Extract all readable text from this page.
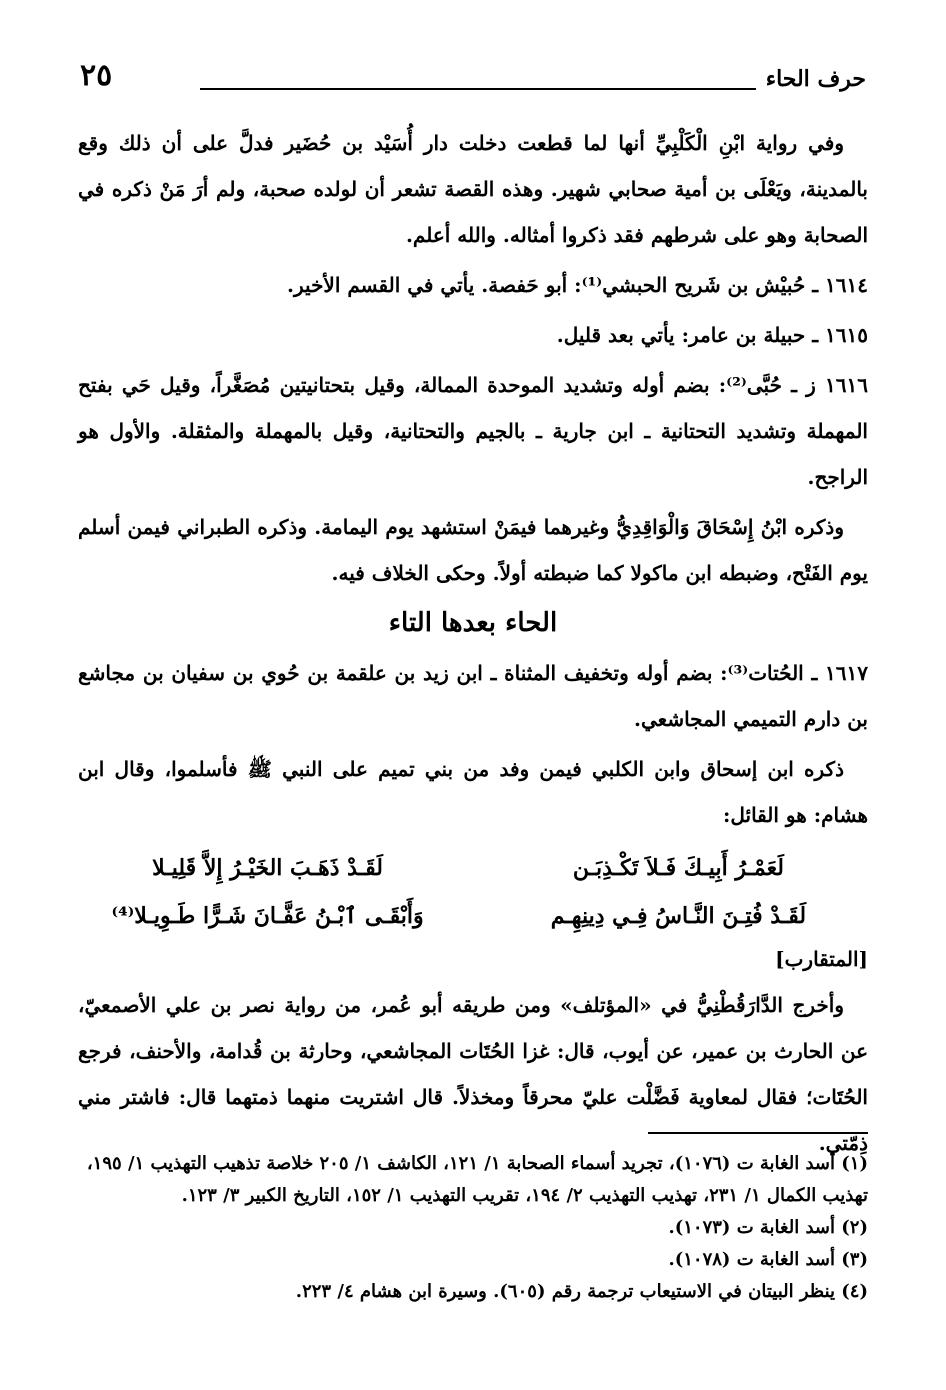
حرف الحاء
٢٥

وفي رواية ابْنِ الْكَلْبِيِّ أنها لما قطعت دخلت دار أُسَيْد بن حُضَير فدلَّ على أن ذلك وقع بالمدينة، ويَعْلَى بن أمية صحابي شهير. وهذه القصة تشعر أن لولده صحبة، ولم أرَ مَنْ ذكره في الصحابة وهو على شرطهم فقد ذكروا أمثاله. والله أعلم.

١٦١٤ ـ حُبيْش بن شَريح الحبشي⁽¹⁾: أبو حَفصة. يأتي في القسم الأخير.

١٦١٥ ـ حبيلة بن عامر: يأتي بعد قليل.

١٦١٦ ز ـ حُبَّى⁽²⁾: بضم أوله وتشديد الموحدة الممالة، وقيل بتحتانيتين مُصَغَّراً، وقيل حَي بفتح المهملة وتشديد التحتانية ـ ابن جارية ـ بالجيم والتحتانية، وقيل بالمهملة والمثقلة. والأول هو الراجح.

وذكره ابْنُ إِسْحَاقَ وَالْوَاقِدِيُّ وغيرهما فيمَنْ استشهد يوم اليمامة. وذكره الطبراني فيمن أسلم يوم الفَتْح، وضبطه ابن ماكولا كما ضبطته أولاً. وحكى الخلاف فيه.

الحاء بعدها التاء

١٦١٧ ـ الحُتات⁽³⁾: بضم أوله وتخفيف المثناة ـ ابن زيد بن علقمة بن حُوي بن سفيان بن مجاشع بن دارم التميمي المجاشعي.

ذكره ابن إسحاق وابن الكلبي فيمن وفد من بني تميم على النبي ﷺ فأسلموا، وقال ابن هشام: هو القائل:

لَعَمْـرُ أَبِيـكَ فَـلاَ تَكْـذِبَـن
لَقَـدْ ذَهَـبَ الخَيْـرُ إِلاَّ قَلِيـلا
لَقَـدْ فُتِـنَ النَّـاسُ فِـي دِينِهِـم
وَأَبْقَـى ٱبْـنُ عَفَّـانَ شَـرًّا طَـوِيـلا⁽⁴⁾
[المتقارب]

وأخرج الدَّارَقُطْنِيُّ في «المؤتلف» ومن طريقه أبو عُمر، من رواية نصر بن علي الأصمعيّ، عن الحارث بن عمير، عن أيوب، قال: غزا الحُتَات المجاشعي، وحارثة بن قُدامة، والأحنف، فرجع الحُتَات؛ فقال لمعاوية فَضَّلْت عليّ محرقاً ومخذلاً. قال اشتريت منهما ذمتهما قال: فاشتر مني ذِمّتي.

(١) أسد الغابة ت (١٠٧٦)، تجريد أسماء الصحابة ١/ ١٢١، الكاشف ١/ ٢٠٥ خلاصة تذهيب التهذيب ١/ ١٩٥، تهذيب الكمال ١/ ٢٣١، تهذيب التهذيب ٢/ ١٩٤، تقريب التهذيب ١/ ١٥٢، التاريخ الكبير ٣/ ١٢٣.

(٢) أسد الغابة ت (١٠٧٣).

(٣) أسد الغابة ت (١٠٧٨).

(٤) ينظر البيتان في الاستيعاب ترجمة رقم (٦٠٥). وسيرة ابن هشام ٤/ ٢٢٣.
